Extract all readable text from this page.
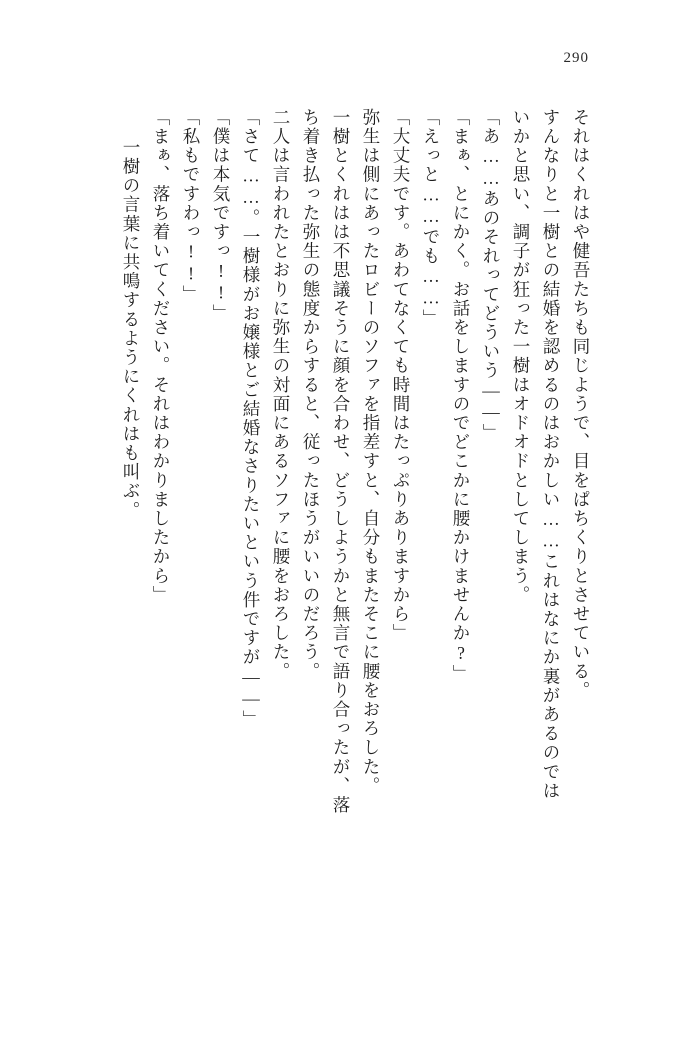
290
それはくれはや健吾たちも同じようで、目をぱちくりとさせている。
すんなりと一樹との結婚を認めるのはおかしい……これはなにか裏があるのでは
いかと思い、調子が狂った一樹はオドオドとしてしまう。
「あ……あのそれってどういう——」
「まぁ、とにかく。お話をしますのでどこかに腰かけませんか?」
「えっと……でも……」
「大丈夫です。あわてなくても時間はたっぷりありますから」
弥生は側にあったロビーのソファを指差すと、自分もまたそこに腰をおろした。
一樹とくれはは不思議そうに顔を合わせ、どうしようかと無言で語り合ったが、落
ち着き払った弥生の態度からすると、従ったほうがいいのだろう。
二人は言われたとおりに弥生の対面にあるソファに腰をおろした。
「さて……。一樹様がお嬢様とご結婚なさりたいという件ですが——」
「僕は本気ですっ!!」
「私もですわっ!!」
「まぁ、落ち着いてください。それはわかりましたから」
一樹の言葉に共鳴するようにくれはも叫ぶ。
